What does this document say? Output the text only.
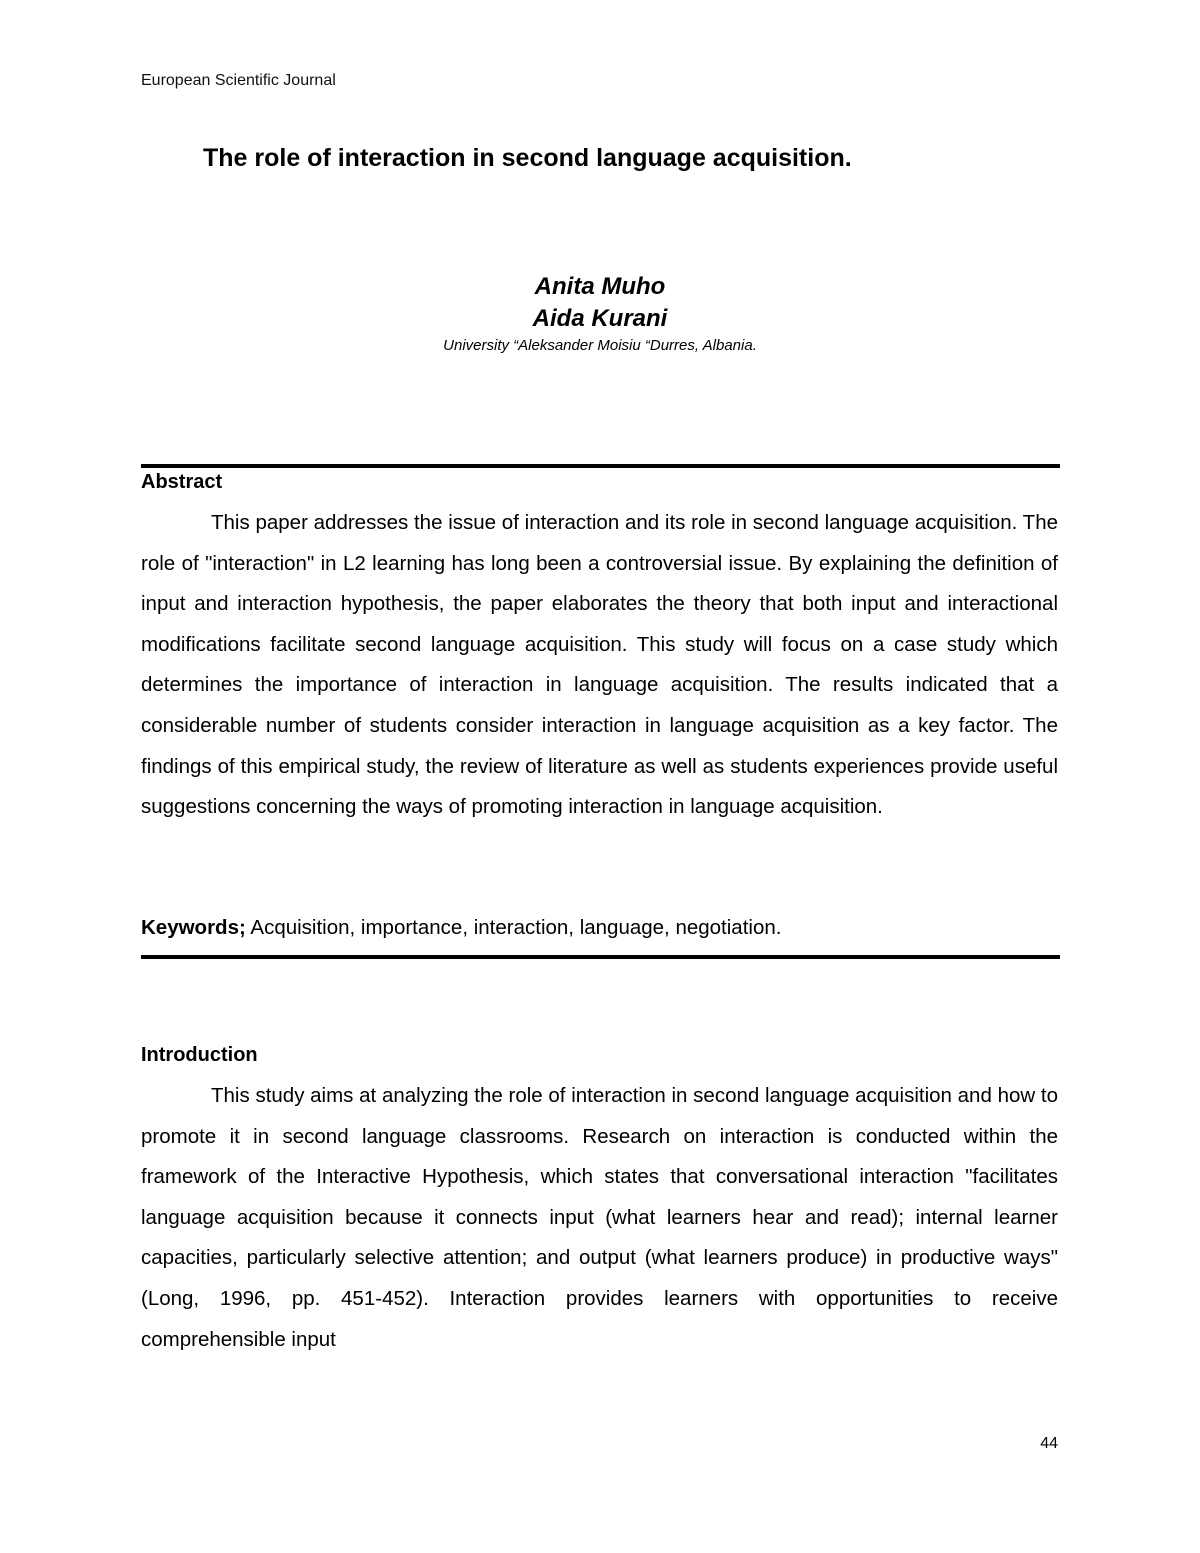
European Scientific Journal
The role of interaction in second language acquisition.
Anita Muho
Aida Kurani
University “Aleksander Moisiu “Durres, Albania.
Abstract
This paper addresses the issue of interaction and its role in second language acquisition. The role of "interaction" in L2 learning has long been a controversial issue. By explaining the definition of input and interaction hypothesis, the paper elaborates the theory that both input and interactional modifications facilitate second language acquisition. This study will focus on a case study which determines the importance of interaction in language acquisition. The results indicated that a considerable number of students consider interaction in language acquisition as a key factor. The findings of this empirical study, the review of literature as well as students experiences provide useful suggestions concerning the ways of promoting interaction in language acquisition.
Keywords; Acquisition, importance, interaction, language, negotiation.
Introduction
This study aims at analyzing the role of interaction in second language acquisition and how to promote it in second language classrooms. Research on interaction is conducted within the framework of the Interactive Hypothesis, which states that conversational interaction "facilitates language acquisition because it connects input (what learners hear and read); internal learner capacities, particularly selective attention; and output (what learners produce) in productive ways" (Long, 1996, pp. 451-452). Interaction provides learners with opportunities to receive comprehensible input
44
